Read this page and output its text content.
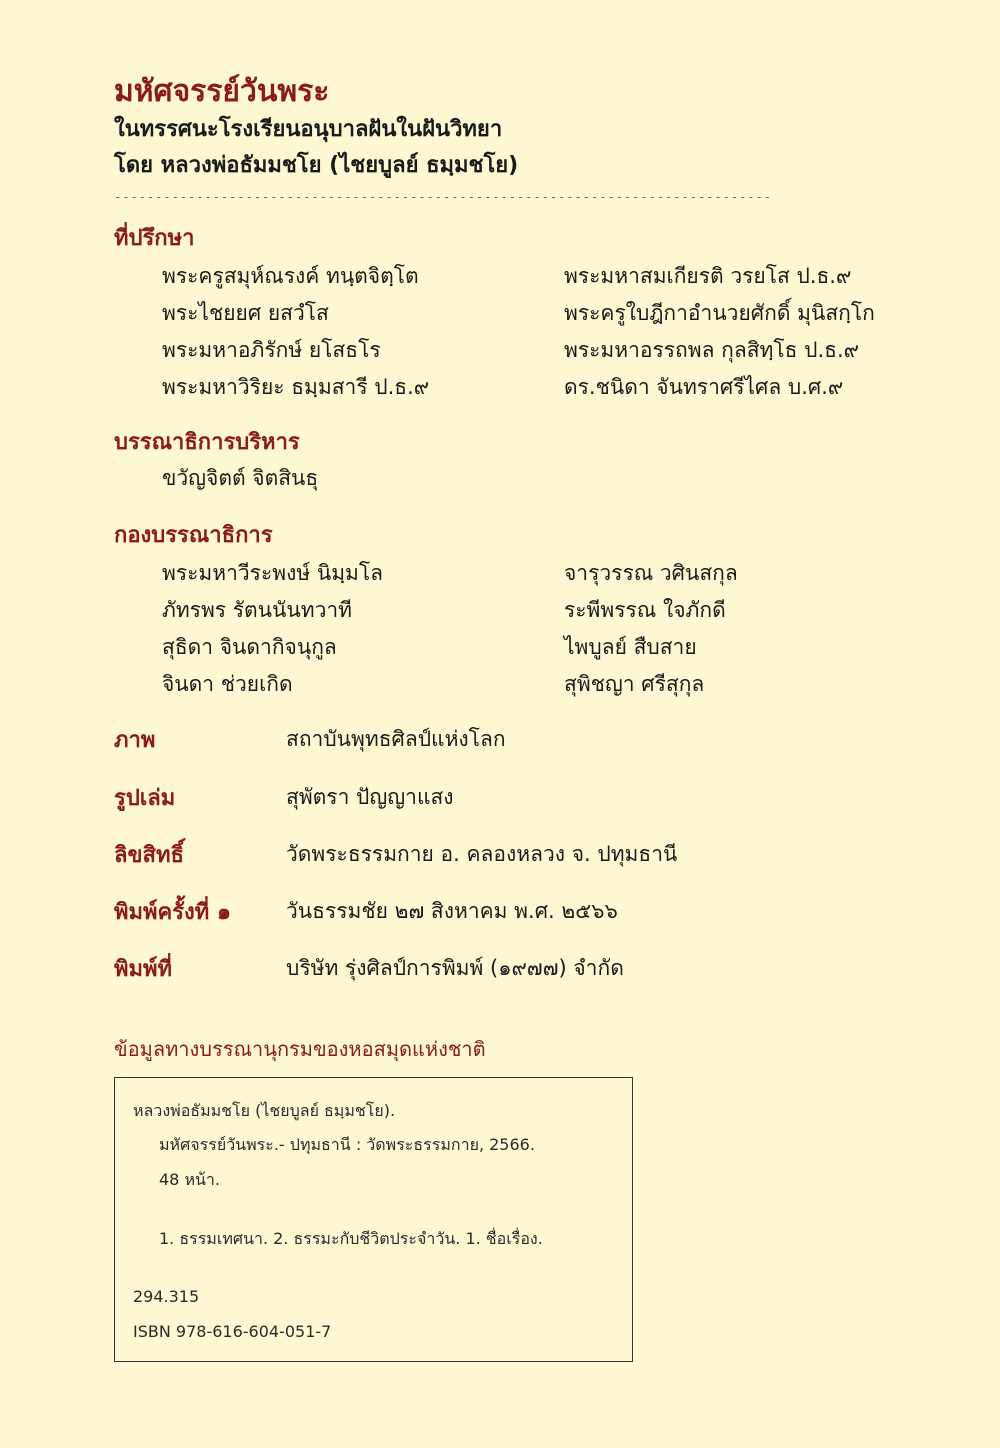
มหัศจรรย์วันพระ

ในทรรศนะโรงเรียนอนุบาลฝันในฝันวิทยา

โดย หลวงพ่อธัมมชโย (ไชยบูลย์ ธมฺมชโย)

--------------------------------------------------------------------------------
ที่ปรึกษา
พระครูสมุห์ณรงค์ ทนฺตจิตฺโต	พระมหาสมเกียรติ วรยโส ป.ธ.๙
พระไชยยศ ยสวํโส	พระครูใบฎีกาอำนวยศักดิ์ มุนิสกฺโก
พระมหาอภิรักษ์ ยโสธโร	พระมหาอรรถพล กุลสิทฺโธ ป.ธ.๙
พระมหาวิริยะ ธมฺมสารี ป.ธ.๙	ดร.ชนิดา จันทราศรีไศล บ.ศ.๙
บรรณาธิการบริหาร
ขวัญจิตต์ จิตสินธุ
กองบรรณาธิการ
พระมหาวีระพงษ์ นิมฺมโล	จารุวรรณ วศินสกุล
ภัทรพร รัตนนันทวาที	ระพีพรรณ ใจภักดี
สุธิดา จินดากิจนุกูล	ไพบูลย์ สืบสาย
จินดา ช่วยเกิด	สุพิชญา ศรีสุกุล
ภาพ	สถาบันพุทธศิลป์แห่งโลก
รูปเล่ม	สุพัตรา ปัญญาแสง
ลิขสิทธิ์	วัดพระธรรมกาย อ. คลองหลวง จ. ปทุมธานี
พิมพ์ครั้งที่ ๑	วันธรรมชัย ๒๗ สิงหาคม พ.ศ. ๒๕๖๖
พิมพ์ที่	บริษัท รุ่งศิลป์การพิมพ์ (๑๙๗๗) จำกัด

ข้อมูลทางบรรณานุกรมของหอสมุดแห่งชาติ

หลวงพ่อธัมมชโย (ไชยบูลย์ ธมฺมชโย).
มหัศจรรย์วันพระ.- ปทุมธานี : วัดพระธรรมกาย, 2566.
48 หน้า.
1. ธรรมเทศนา. 2. ธรรมะกับชีวิตประจำวัน. 1. ชื่อเรื่อง.
294.315
ISBN 978-616-604-051-7
